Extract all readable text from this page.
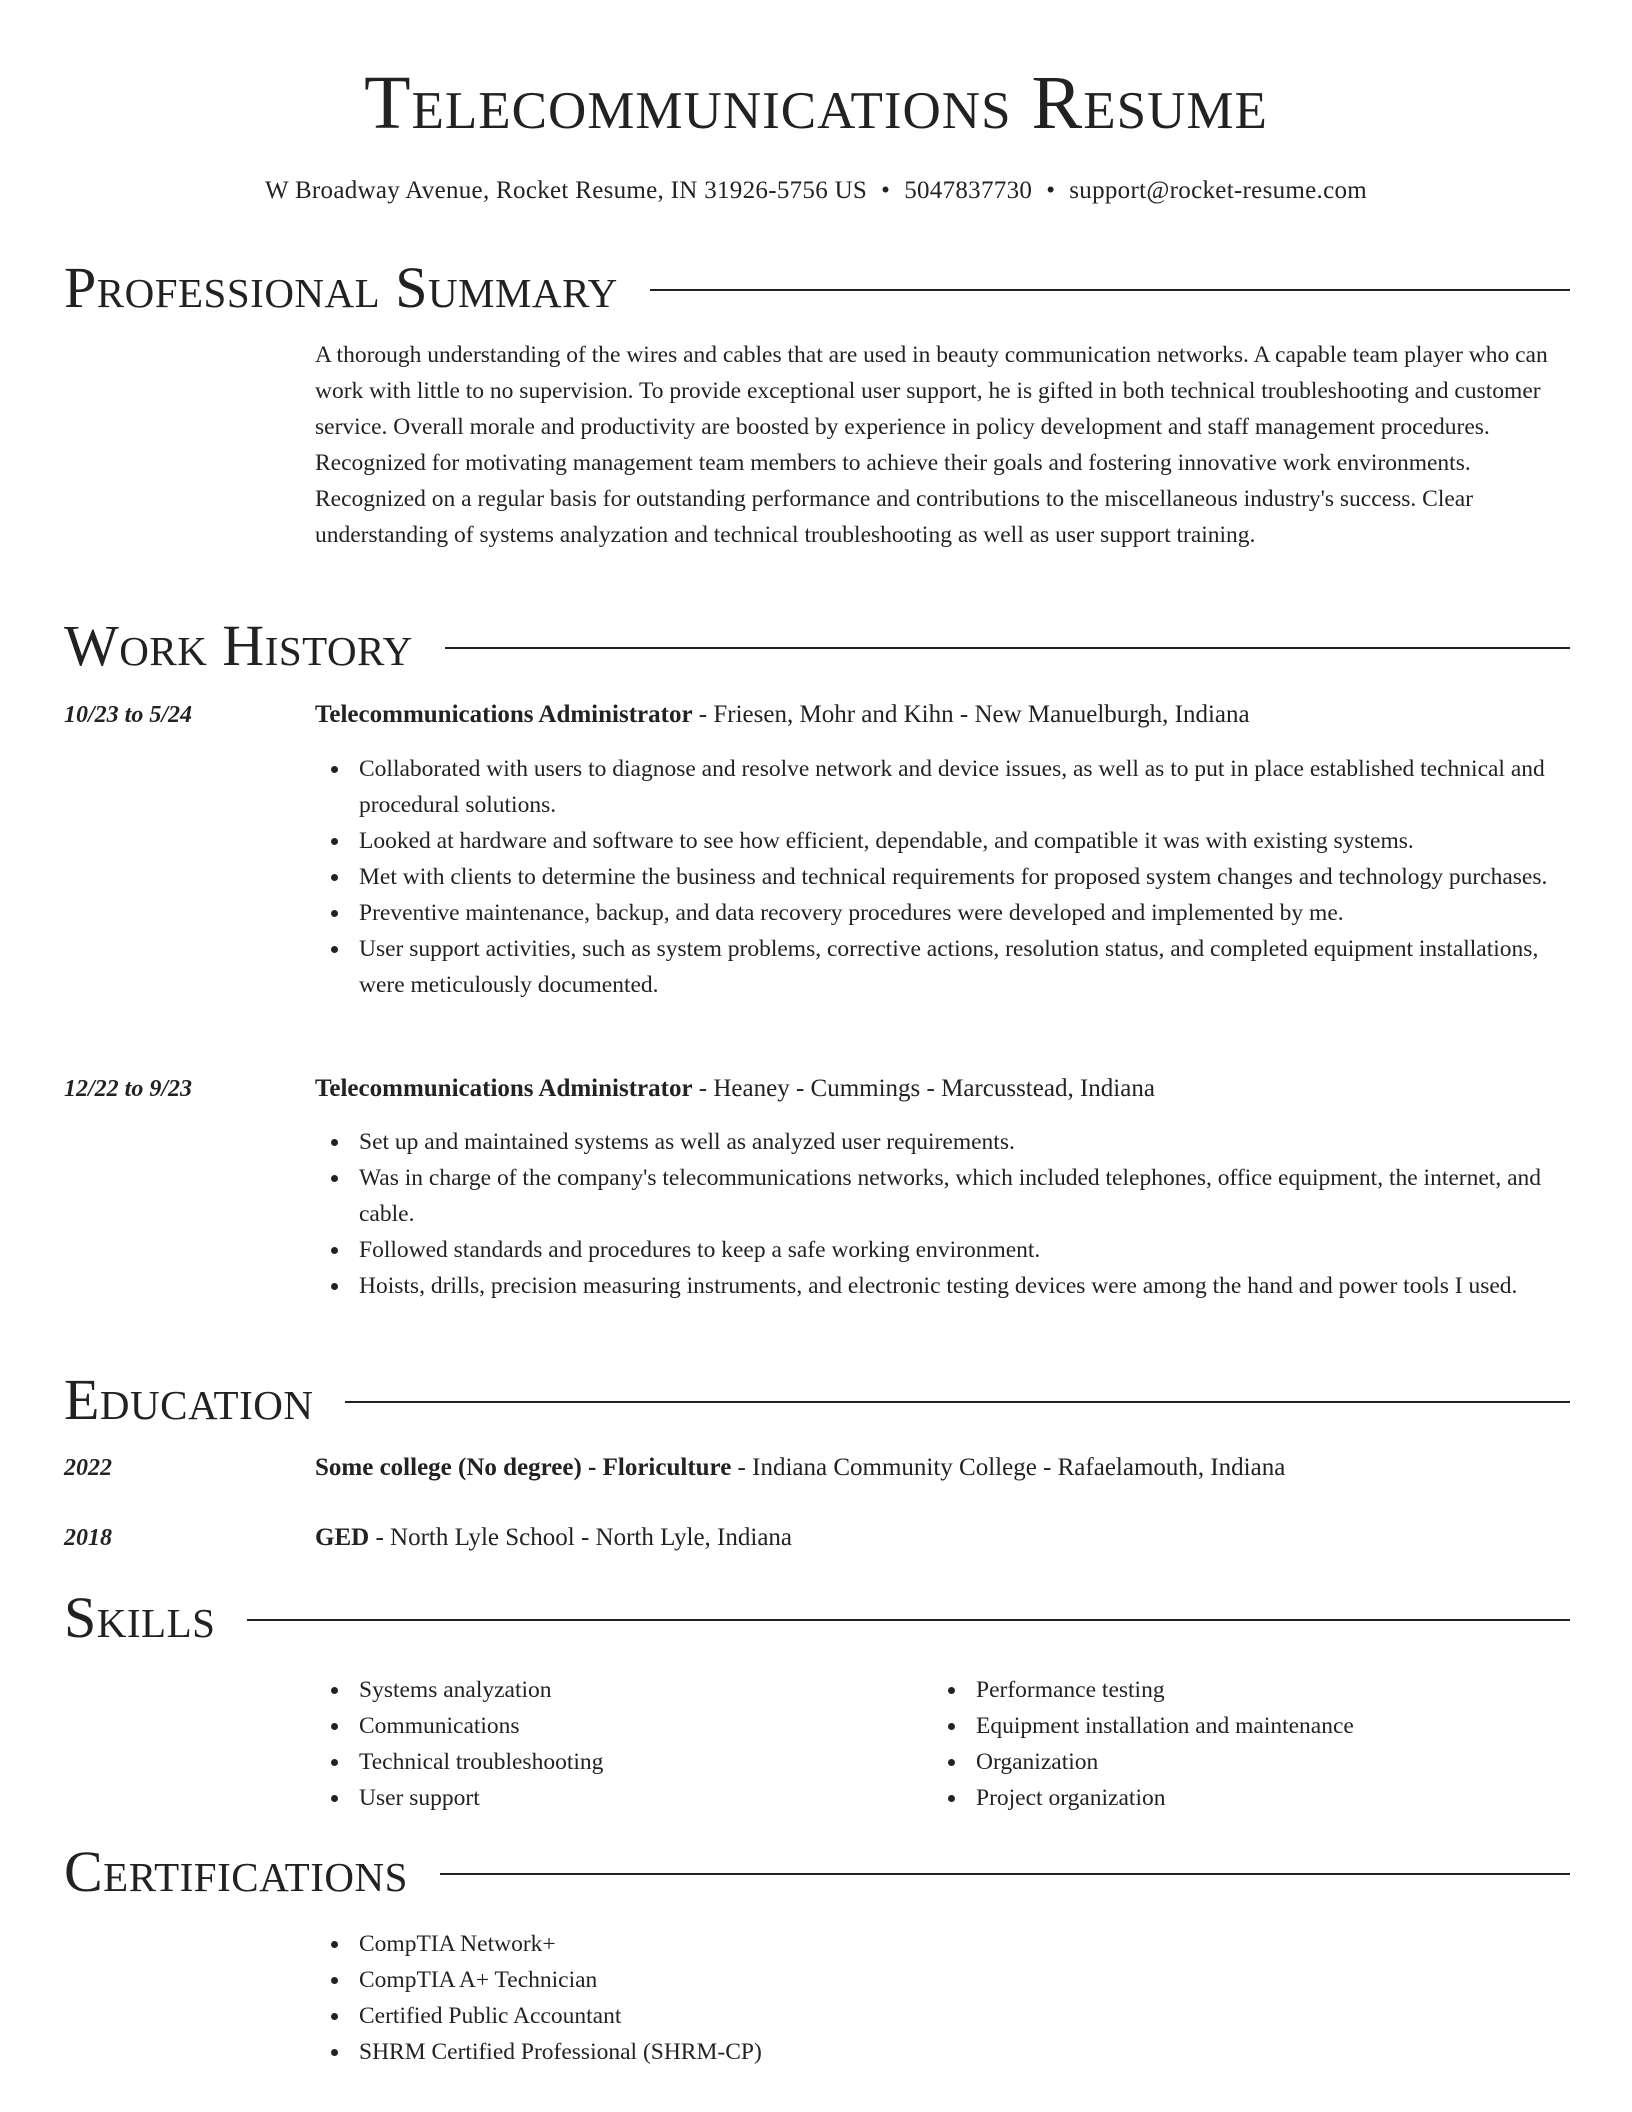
Telecommunications Resume
W Broadway Avenue, Rocket Resume, IN 31926-5756 US • 5047837730 • support@rocket-resume.com
Professional Summary

A thorough understanding of the wires and cables that are used in beauty communication networks. A capable team player who can work with little to no supervision. To provide exceptional user support, he is gifted in both technical troubleshooting and customer service. Overall morale and productivity are boosted by experience in policy development and staff management procedures. Recognized for motivating management team members to achieve their goals and fostering innovative work environments. Recognized on a regular basis for outstanding performance and contributions to the miscellaneous industry's success. Clear understanding of systems analyzation and technical troubleshooting as well as user support training.

Work History
10/23 to 5/24	Telecommunications Administrator - Friesen, Mohr and Kihn - New Manuelburgh, Indiana
Collaborated with users to diagnose and resolve network and device issues, as well as to put in place established technical and procedural solutions.
Looked at hardware and software to see how efficient, dependable, and compatible it was with existing systems.
Met with clients to determine the business and technical requirements for proposed system changes and technology purchases.
Preventive maintenance, backup, and data recovery procedures were developed and implemented by me.
User support activities, such as system problems, corrective actions, resolution status, and completed equipment installations, were meticulously documented.
12/22 to 9/23	Telecommunications Administrator - Heaney - Cummings - Marcusstead, Indiana
Set up and maintained systems as well as analyzed user requirements.
Was in charge of the company's telecommunications networks, which included telephones, office equipment, the internet, and cable.
Followed standards and procedures to keep a safe working environment.
Hoists, drills, precision measuring instruments, and electronic testing devices were among the hand and power tools I used.
Education
2022	Some college (No degree) - Floriculture - Indiana Community College - Rafaelamouth, Indiana
2018	GED - North Lyle School - North Lyle, Indiana
Skills
Systems analyzation
Communications
Technical troubleshooting
User support
Performance testing
Equipment installation and maintenance
Organization
Project organization
Certifications
CompTIA Network+
CompTIA A+ Technician
Certified Public Accountant
SHRM Certified Professional (SHRM-CP)
